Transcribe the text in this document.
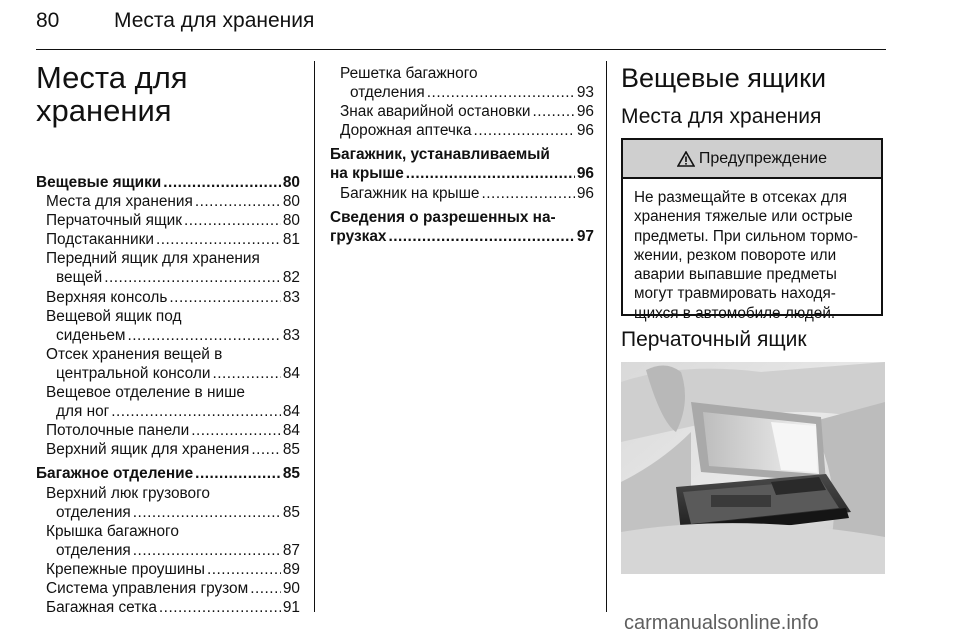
80	Места для хранения
Места для хранения
Вещевые ящики .....	80
Места для хранения .....	80
Перчаточный ящик .....	80
Подстаканники .....	81
Передний ящик для хранения
вещей .....	82
Верхняя консоль .....	83
Вещевой ящик под
сиденьем .....	83
Отсек хранения вещей в
центральной консоли .....	84
Вещевое отделение в нише
для ног .....	84
Потолочные панели .....	84
Верхний ящик для хранения ..... 85
Багажное отделение .....	85
Верхний люк грузового
отделения .....	85
Крышка багажного
отделения .....	87
Крепежные проушины .....	89
Система управления грузом ..... 90
Багажная сетка .....	91
Решетка багажного
отделения .....	93
Знак аварийной остановки .....	96
Дорожная аптечка .....	96
Багажник, устанавливаемый
на крыше .....	96
Багажник на крыше .....	96
Сведения о разрешенных на-
грузках .....	97
Вещевые ящики
Места для хранения
Предупреждение
Не размещайте в отсеках для
хранения тяжелые или острые
предметы. При сильном тормо-
жении, резком повороте или
аварии выпавшие предметы
могут травмировать находя-
щихся в автомобиле людей.
Перчаточный ящик
carmanualsonline.info
